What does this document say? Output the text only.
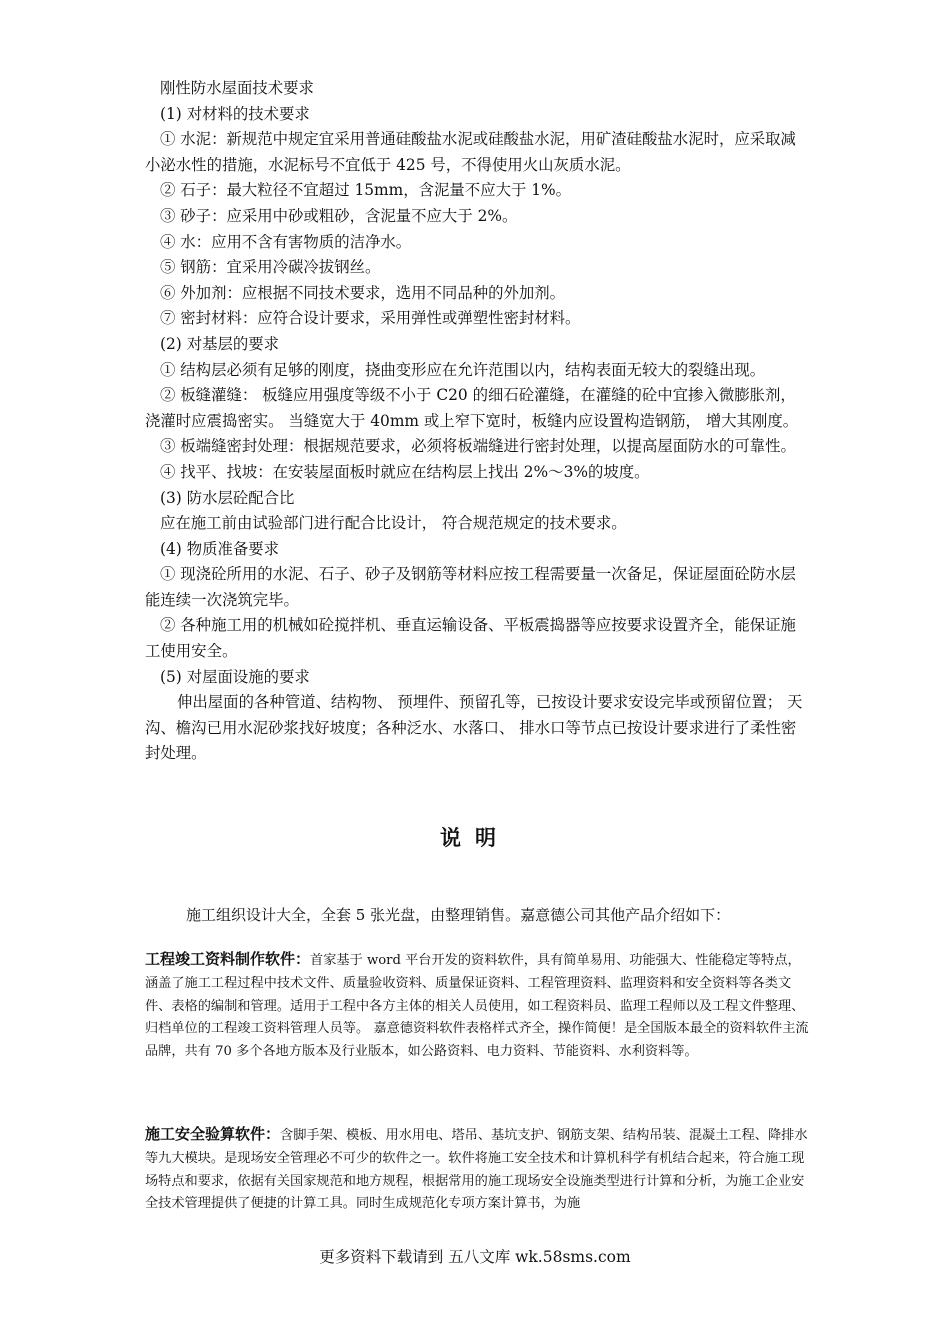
刚性防水屋面技术要求

(1) 对材料的技术要求

① 水泥：新规范中规定宜采用普通硅酸盐水泥或硅酸盐水泥，用矿渣硅酸盐水泥时，应采取减小泌水性的措施，水泥标号不宜低于 425 号，不得使用火山灰质水泥。

② 石子：最大粒径不宜超过 15mm，含泥量不应大于 1%。

③ 砂子：应采用中砂或粗砂，含泥量不应大于 2%。

④ 水：应用不含有害物质的洁净水。

⑤ 钢筋：宜采用冷碳冷拔钢丝。

⑥ 外加剂：应根据不同技术要求，选用不同品种的外加剂。

⑦ 密封材料：应符合设计要求，采用弹性或弹塑性密封材料。

(2) 对基层的要求

① 结构层必须有足够的刚度，挠曲变形应在允许范围以内，结构表面无较大的裂缝出现。

② 板缝灌缝： 板缝应用强度等级不小于 C20 的细石砼灌缝，在灌缝的砼中宜掺入微膨胀剂，浇灌时应震捣密实。 当缝宽大于 40mm 或上窄下宽时，板缝内应设置构造钢筋， 增大其刚度。

③ 板端缝密封处理：根据规范要求，必须将板端缝进行密封处理，以提高屋面防水的可靠性。

④ 找平、找坡：在安装屋面板时就应在结构层上找出 2%～3%的坡度。

(3) 防水层砼配合比

应在施工前由试验部门进行配合比设计， 符合规范规定的技术要求。

(4) 物质准备要求

① 现浇砼所用的水泥、石子、砂子及钢筋等材料应按工程需要量一次备足，保证屋面砼防水层能连续一次浇筑完毕。

② 各种施工用的机械如砼搅拌机、垂直运输设备、平板震捣器等应按要求设置齐全，能保证施工使用安全。

(5) 对屋面设施的要求

伸出屋面的各种管道、结构物、 预埋件、预留孔等，已按设计要求安设完毕或预留位置； 天沟、檐沟已用水泥砂浆找好坡度；各种泛水、水落口、 排水口等节点已按设计要求进行了柔性密封处理。

说明

施工组织设计大全，全套 5 张光盘，由整理销售。嘉意德公司其他产品介绍如下：

工程竣工资料制作软件：首家基于 word 平台开发的资料软件，具有简单易用、功能强大、性能稳定等特点，涵盖了施工工程过程中技术文件、质量验收资料、质量保证资料、工程管理资料、监理资料和安全资料等各类文件、表格的编制和管理。适用于工程中各方主体的相关人员使用，如工程资料员、监理工程师以及工程文件整理、归档单位的工程竣工资料管理人员等。 嘉意德资料软件表格样式齐全，操作简便！是全国版本最全的资料软件主流品牌，共有 70 多个各地方版本及行业版本，如公路资料、电力资料、节能资料、水利资料等。

施工安全验算软件：含脚手架、模板、用水用电、塔吊、基坑支护、钢筋支架、结构吊装、混凝土工程、降排水等九大模块。是现场安全管理必不可少的软件之一。软件将施工安全技术和计算机科学有机结合起来，符合施工现场特点和要求，依据有关国家规范和地方规程，根据常用的施工现场安全设施类型进行计算和分析，为施工企业安全技术管理提供了便捷的计算工具。同时生成规范化专项方案计算书，为施

更多资料下载请到 五八文库 wk.58sms.com
